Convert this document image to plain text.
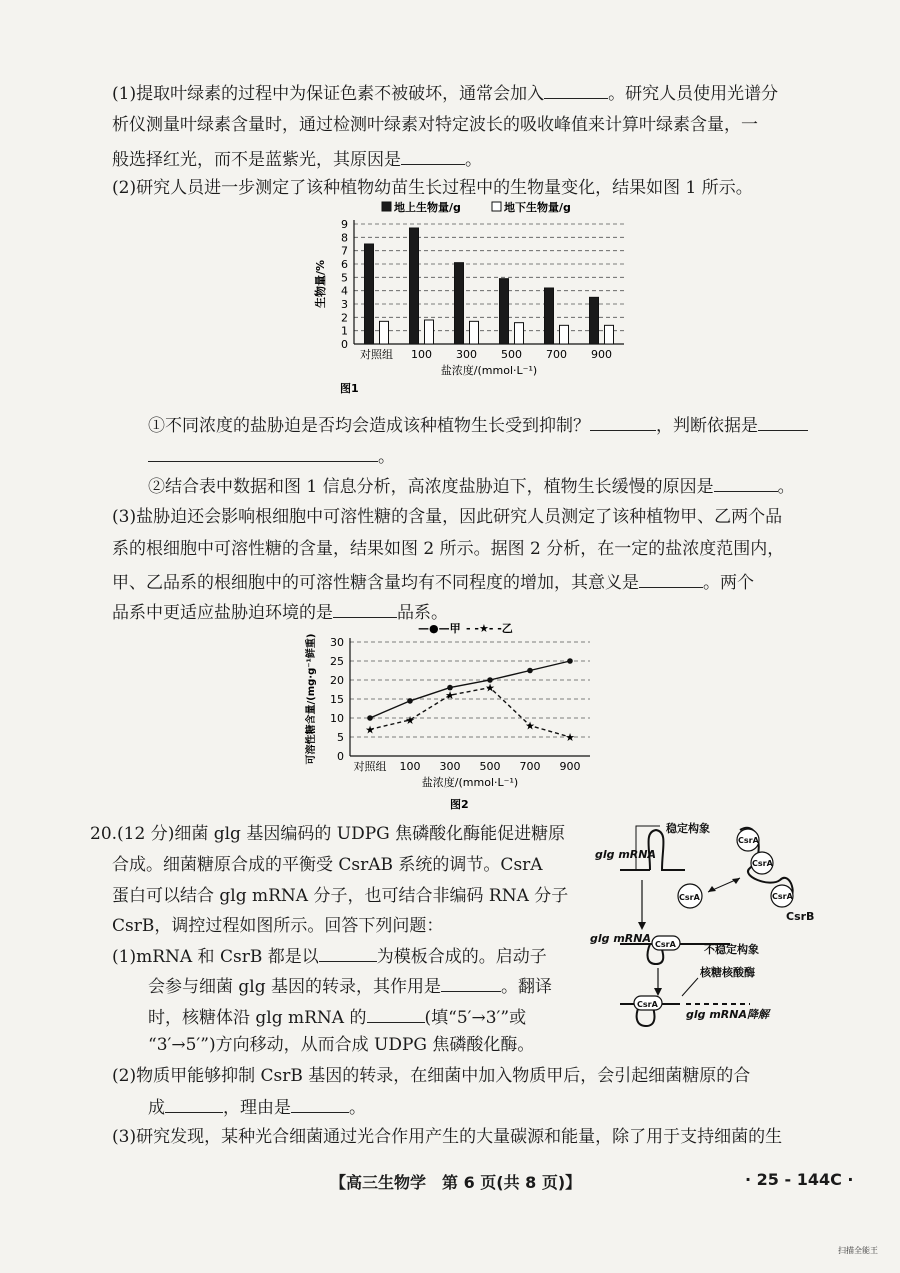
(1)提取叶绿素的过程中为保证色素不被破坏，通常会加入	。研究人员使用光谱分
析仪测量叶绿素含量时，通过检测叶绿素对特定波长的吸收峰值来计算叶绿素含量，一
般选择红光，而不是蓝紫光，其原因是	。
(2)研究人员进一步测定了该种植物幼苗生长过程中的生物量变化，结果如图 1 所示。
地上生物量/g	地下生物量/g
0
1
2
3
4
5
6
7
8
9
生物量/%
对照组 100 300 500 700 900
盐浓度/(mmol·L⁻¹)
图1
①不同浓度的盐胁迫是否均会造成该种植物生长受到抑制？	，判断依据是
。
②结合表中数据和图 1 信息分析，高浓度盐胁迫下，植物生长缓慢的原因是	。
(3)盐胁迫还会影响根细胞中可溶性糖的含量，因此研究人员测定了该种植物甲、乙两个品
系的根细胞中可溶性糖的含量，结果如图 2 所示。据图 2 分析，在一定的盐浓度范围内，
甲、乙品系的根细胞中的可溶性糖含量均有不同程度的增加，其意义是	。两个
品系中更适应盐胁迫环境的是	品系。
—●—甲 - -★- -乙
0
5
10
15
20
25
30
可溶性糖含量/(mg·g⁻¹鲜重)
对照组 100 300 500 700 900
★
★
★
★
★
★
盐浓度/(mmol·L⁻¹)
图2
20.(12 分)细菌 glg 基因编码的 UDPG 焦磷酸化酶能促进糖原
合成。细菌糖原合成的平衡受 CsrAB 系统的调节。CsrA
蛋白可以结合 glg mRNA 分子，也可结合非编码 RNA 分子
CsrB，调控过程如图所示。回答下列问题：
(1)mRNA 和 CsrB 都是以	为模板合成的。启动子
会参与细菌 glg 基因的转录，其作用是	。翻译
时，核糖体沿 glg mRNA 的	(填“5′→3′”或
“3′→5′”)方向移动，从而合成 UDPG 焦磷酸化酶。
(2)物质甲能够抑制 CsrB 基因的转录，在细菌中加入物质甲后，会引起细菌糖原的合
成	，理由是	。
(3)研究发现，某种光合细菌通过光合作用产生的大量碳源和能量，除了用于支持细菌的生
稳定构象
glg mRNA
CsrA
CsrA
CsrA
CsrB
CsrA
CsrA
glg mRNA
不稳定构象
核糖核酸酶
CsrA
glg mRNA降解
【高三生物学　第 6 页(共 8 页)】	· 25 - 144C ·
扫描全能王
